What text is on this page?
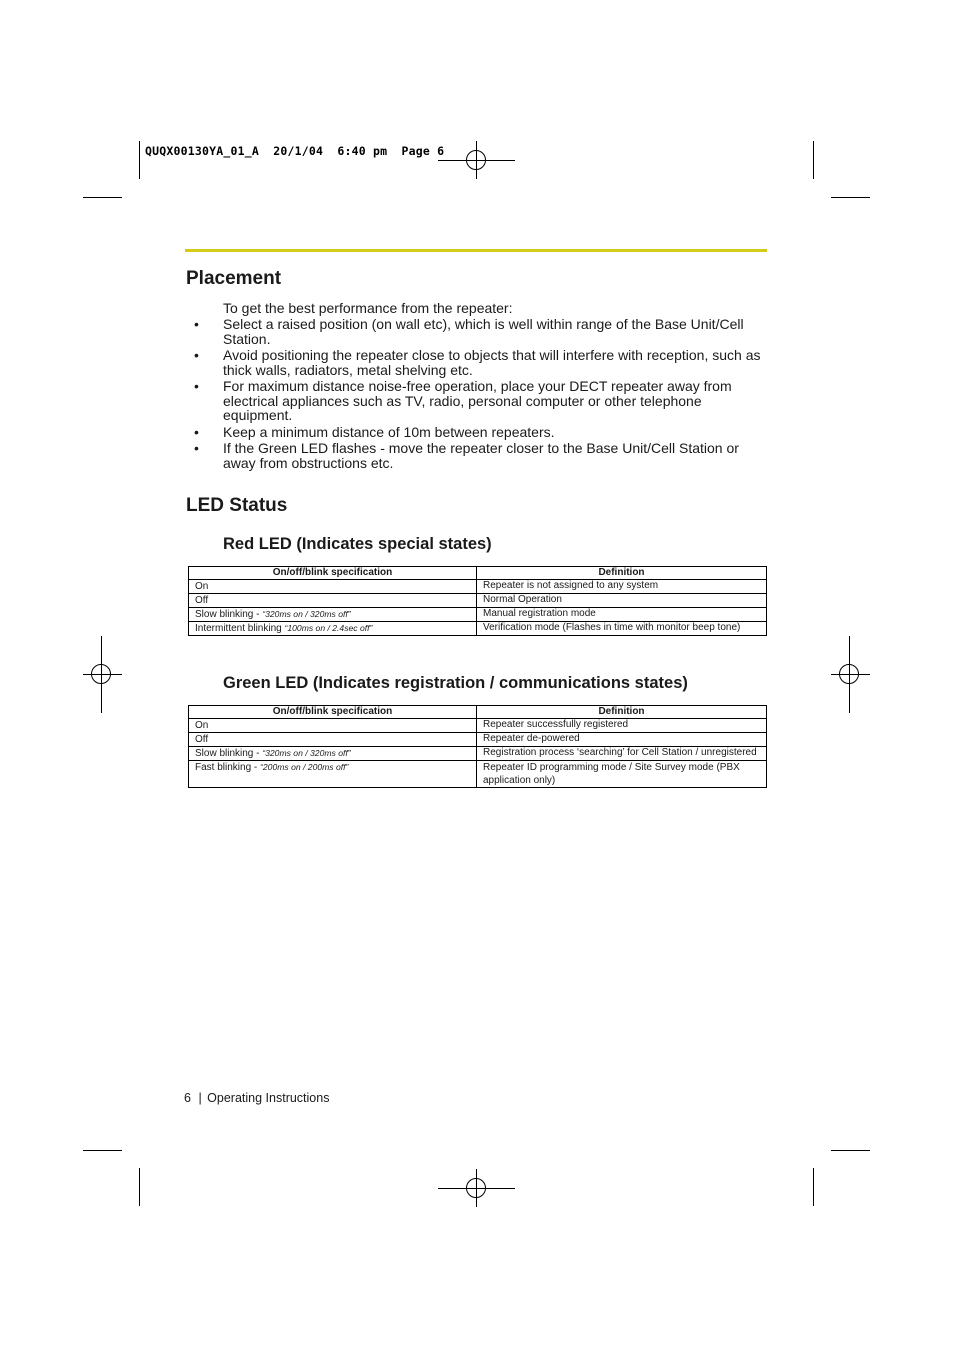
QUQX00130YA_01_A  20/1/04  6:40 pm  Page 6
Placement
To get the best performance from the repeater:
• Select a raised position (on wall etc), which is well within range of the Base Unit/Cell Station.
• Avoid positioning the repeater close to objects that will interfere with reception, such as thick walls, radiators, metal shelving etc.
• For maximum distance noise-free operation, place your DECT repeater away from electrical appliances such as TV, radio, personal computer or other telephone equipment.
• Keep a minimum distance of 10m between repeaters.
• If the Green LED flashes - move the repeater closer to the Base Unit/Cell Station or away from obstructions etc.
LED Status
Red LED (Indicates special states)
On/off/blink specification	Definition
On	Repeater is not assigned to any system
Off	Normal Operation
Slow blinking - “320ms on / 320ms off”	Manual registration mode
Intermittent blinking “100ms on / 2.4sec off”	Verification mode (Flashes in time with monitor beep tone)
Green LED (Indicates registration / communications states)
On/off/blink specification	Definition
On	Repeater successfully registered
Off	Repeater de-powered
Slow blinking - “320ms on / 320ms off”	Registration process ‘searching’ for Cell Station / unregistered
Fast blinking - “200ms on / 200ms off”	Repeater ID programming mode / Site Survey mode (PBX application only)
6 | Operating Instructions
